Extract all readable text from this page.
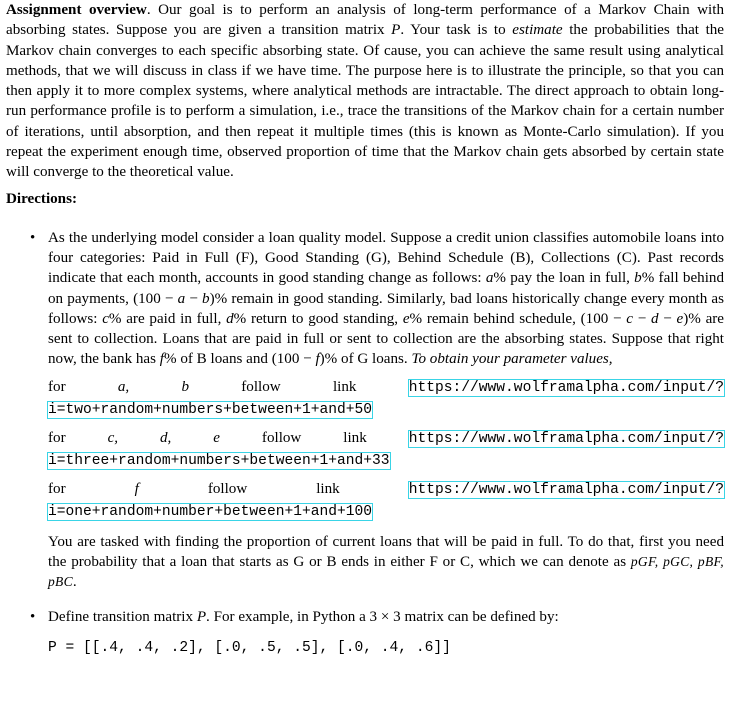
Assignment overview. Our goal is to perform an analysis of long-term performance of a Markov Chain with absorbing states. Suppose you are given a transition matrix P. Your task is to estimate the probabilities that the Markov chain converges to each specific absorbing state. Of cause, you can achieve the same result using analytical methods, that we will discuss in class if we have time. The purpose here is to illustrate the principle, so that you can then apply it to more complex systems, where analytical methods are intractable. The direct approach to obtain long-run performance profile is to perform a simulation, i.e., trace the transitions of the Markov chain for a certain number of iterations, until absorption, and then repeat it multiple times (this is known as Monte-Carlo simulation). If you repeat the experiment enough time, observed proportion of time that the Markov chain gets absorbed by certain state will converge to the theoretical value.

Directions:

• As the underlying model consider a loan quality model. Suppose a credit union classifies automobile loans into four categories: Paid in Full (F), Good Standing (G), Behind Schedule (B), Collections (C). Past records indicate that each month, accounts in good standing change as follows: a% pay the loan in full, b% fall behind on payments, (100 − a − b)% remain in good standing. Similarly, bad loans historically change every month as follows: c% are paid in full, d% return to good standing, e% remain behind schedule, (100 − c − d − e)% are sent to collection. Loans that are paid in full or sent to collection are the absorbing states. Suppose that right now, the bank has f% of B loans and (100 − f)% of G loans. To obtain your parameter values,

for a, b follow link https://www.wolframalpha.com/input/?i=two+random+numbers+between+1+and+50

for c, d, e follow link https://www.wolframalpha.com/input/?i=three+random+numbers+between+1+and+33

for f follow link https://www.wolframalpha.com/input/?i=one+random+number+between+1+and+100

You are tasked with finding the proportion of current loans that will be paid in full. To do that, first you need the probability that a loan that starts as G or B ends in either F or C, which we can denote as pGF, pGC, pBF, pBC.

• Define transition matrix P. For example, in Python a 3 × 3 matrix can be defined by:

P = [[.4, .4, .2], [.0, .5, .5], [.0, .4, .6]]
